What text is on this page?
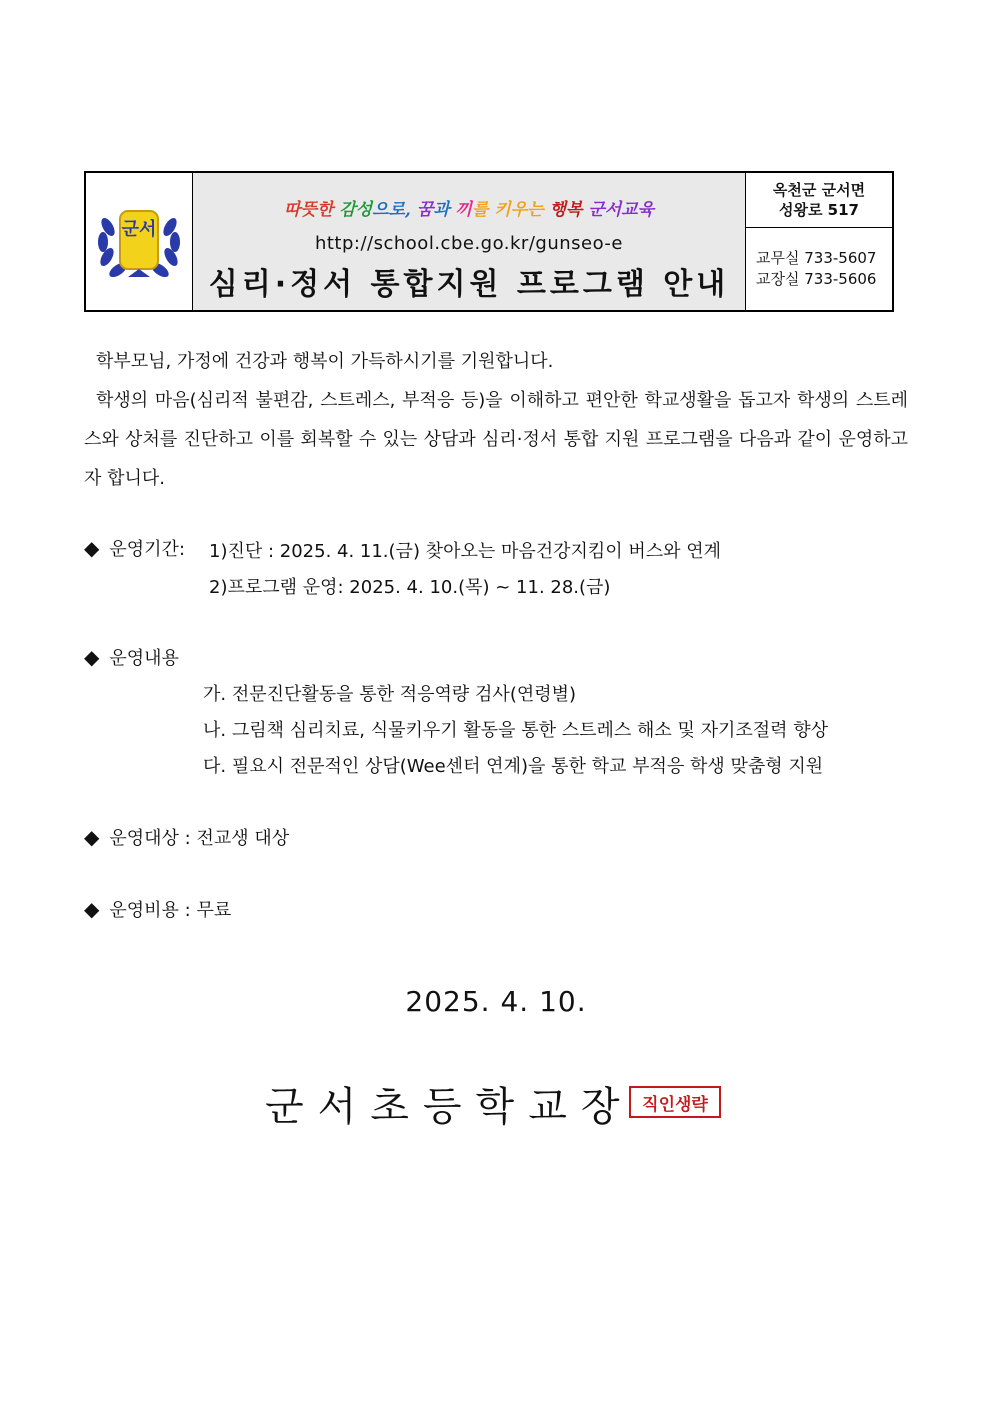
군서
따뜻한 감성으로, 꿈과 끼를 키우는 행복 군서교육
http://school.cbe.go.kr/gunseo-e
심리·정서 통합지원 프로그램 안내
옥천군 군서면
성왕로 517
교무실 733-5607
교장실 733-5606

학부모님, 가정에 건강과 행복이 가득하시기를 기원합니다.

학생의 마음(심리적 불편감, 스트레스, 부적응 등)을 이해하고 편안한 학교생활을 돕고자 학생의 스트레스와 상처를 진단하고 이를 회복할 수 있는 상담과 심리·정서 통합 지원 프로그램을 다음과 같이 운영하고자 합니다.

◆ 운영기간: 1)진단 : 2025. 4. 11.(금) 찾아오는 마음건강지킴이 버스와 연계
2)프로그램 운영: 2025. 4. 10.(목) ~ 11. 28.(금)
◆ 운영내용
가. 전문진단활동을 통한 적응역량 검사(연령별)
나. 그림책 심리치료, 식물키우기 활동을 통한 스트레스 해소 및 자기조절력 향상
다. 필요시 전문적인 상담(Wee센터 연계)을 통한 학교 부적응 학생 맞춤형 지원
◆ 운영대상 : 전교생 대상
◆ 운영비용 : 무료
2025. 4. 10.
군서초등학교장 직인생략
